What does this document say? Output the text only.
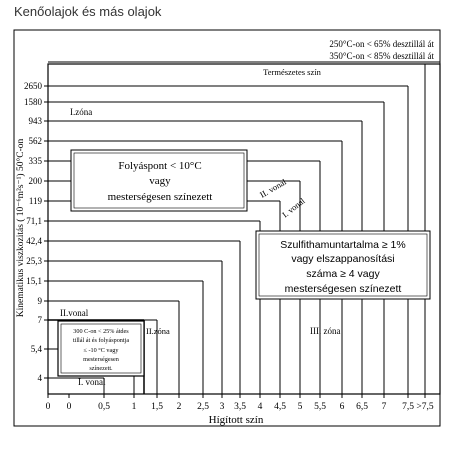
Kenőolajok és más olajok
250°C-on < 65% desztillál át
350°C-on < 85% desztillál át
Természetes szín
2650
1580
943
562
335
200
119
71,1
42,4
25,3
15,1
9
7
5,4
4
0 0	0,5 1 1,5 2 2,5 3 3,5 4 4,5 5 5,5 6 6,5 7 7,5 >7,5
Kinematikus viszkozitás ( 10⁻⁶m²s⁻¹) 50°C-on
Hígított szín
I.zóna
II.vonal
II.zóna	III. zóna
I. vonal
II. vonal
I. vonal
Folyáspont < 10°C
vagy
mesterségesen színezett
Szulfithamuntartalma ≥ 1%
vagy elszappanosítási
száma ≥ 4 vagy
mesterségesen színezett
300 C-on < 25% átdes
tillál át és folyáspontja
≤ -10 °C vagy
mesterségesen
színezett.
